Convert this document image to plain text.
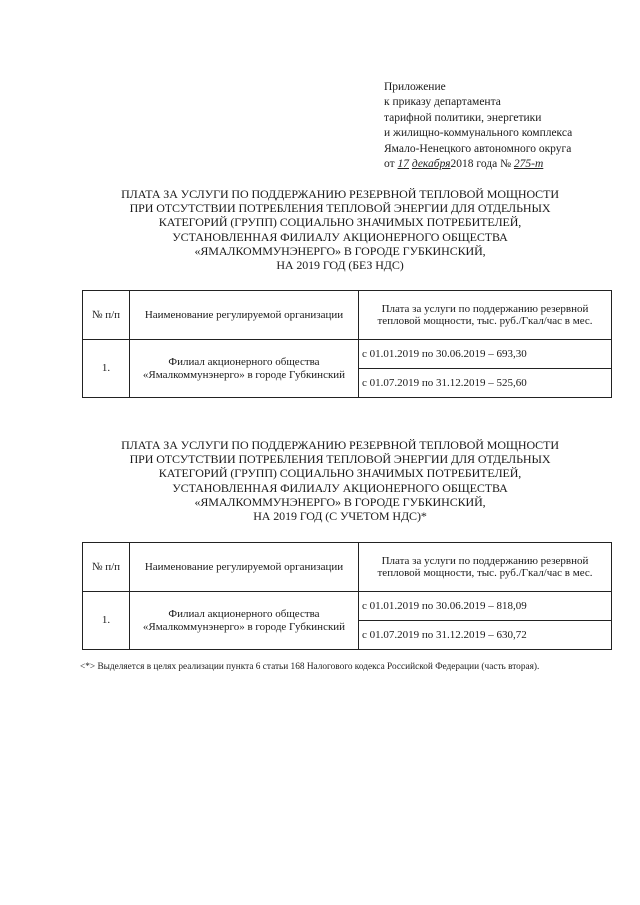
Приложение
к приказу департамента
тарифной политики, энергетики
и жилищно-коммунального комплекса
Ямало-Ненецкого автономного округа
от 17 декабря2018 года № 275-т
ПЛАТА ЗА УСЛУГИ ПО ПОДДЕРЖАНИЮ РЕЗЕРВНОЙ ТЕПЛОВОЙ МОЩНОСТИ
ПРИ ОТСУТСТВИИ ПОТРЕБЛЕНИЯ ТЕПЛОВОЙ ЭНЕРГИИ ДЛЯ ОТДЕЛЬНЫХ
КАТЕГОРИЙ (ГРУПП) СОЦИАЛЬНО ЗНАЧИМЫХ ПОТРЕБИТЕЛЕЙ,
УСТАНОВЛЕННАЯ ФИЛИАЛУ АКЦИОНЕРНОГО ОБЩЕСТВА
«ЯМАЛКОММУНЭНЕРГО» В ГОРОДЕ ГУБКИНСКИЙ,
НА 2019 ГОД (БЕЗ НДС)
№ п/п	Наименование регулируемой организации	Плата за услуги по поддержанию резервной тепловой мощности, тыс. руб./Гкал/час в мес.
1.	Филиал акционерного общества «Ямалкоммунэнерго» в городе Губкинский	с 01.01.2019 по 30.06.2019 – 693,30
		с 01.07.2019 по 31.12.2019 – 525,60
ПЛАТА ЗА УСЛУГИ ПО ПОДДЕРЖАНИЮ РЕЗЕРВНОЙ ТЕПЛОВОЙ МОЩНОСТИ
ПРИ ОТСУТСТВИИ ПОТРЕБЛЕНИЯ ТЕПЛОВОЙ ЭНЕРГИИ ДЛЯ ОТДЕЛЬНЫХ
КАТЕГОРИЙ (ГРУПП) СОЦИАЛЬНО ЗНАЧИМЫХ ПОТРЕБИТЕЛЕЙ,
УСТАНОВЛЕННАЯ ФИЛИАЛУ АКЦИОНЕРНОГО ОБЩЕСТВА
«ЯМАЛКОММУНЭНЕРГО» В ГОРОДЕ ГУБКИНСКИЙ,
НА 2019 ГОД (С УЧЕТОМ НДС)*
№ п/п	Наименование регулируемой организации	Плата за услуги по поддержанию резервной тепловой мощности, тыс. руб./Гкал/час в мес.
1.	Филиал акционерного общества «Ямалкоммунэнерго» в городе Губкинский	с 01.01.2019 по 30.06.2019 – 818,09
		с 01.07.2019 по 31.12.2019 – 630,72
<*> Выделяется в целях реализации пункта 6 статьи 168 Налогового кодекса Российской Федерации (часть вторая).
